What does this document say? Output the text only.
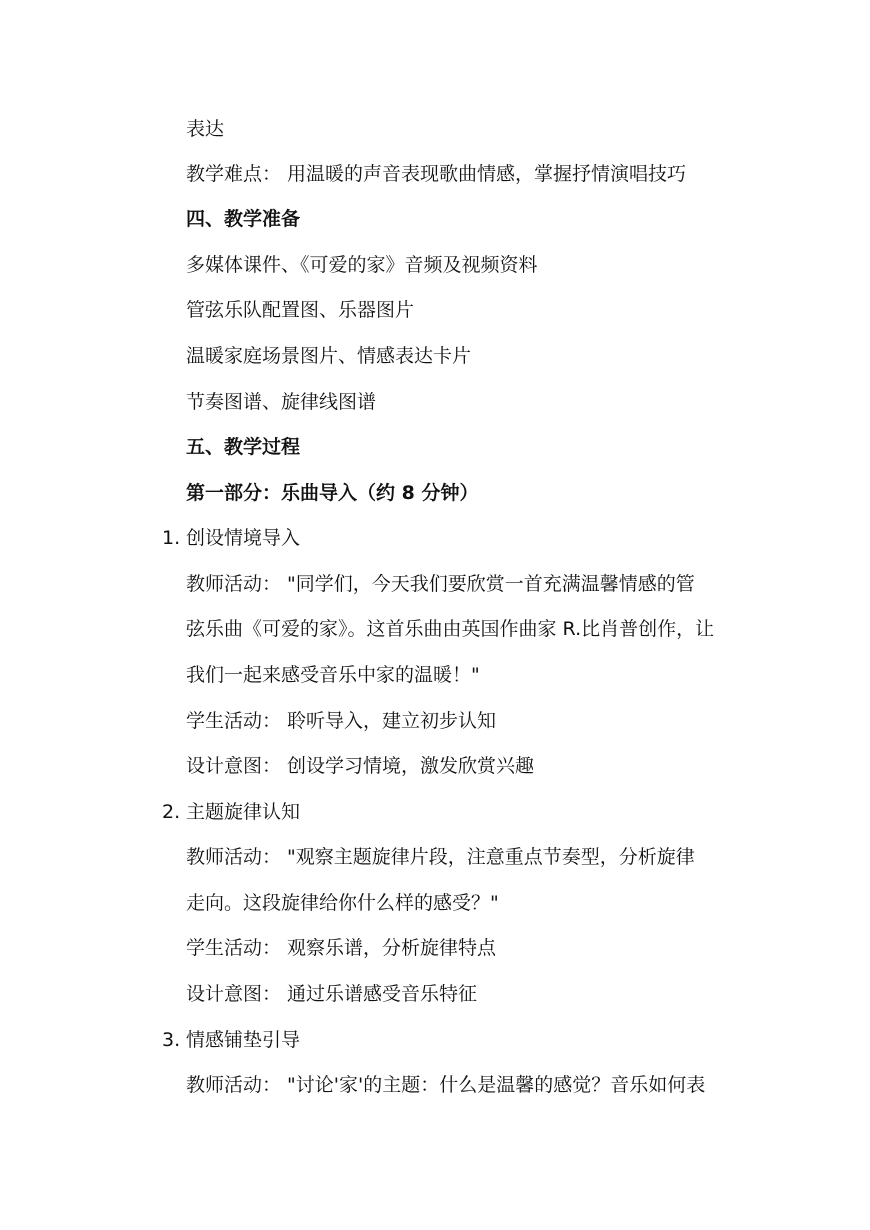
表达
教学难点： 用温暖的声音表现歌曲情感，掌握抒情演唱技巧
四、教学准备
多媒体课件、《可爱的家》音频及视频资料
管弦乐队配置图、乐器图片
温暖家庭场景图片、情感表达卡片
节奏图谱、旋律线图谱
五、教学过程
第一部分：乐曲导入（约 8 分钟）
1. 创设情境导入
教师活动： "同学们，今天我们要欣赏一首充满温馨情感的管
弦乐曲《可爱的家》。这首乐曲由英国作曲家 R.比肖普创作，让
我们一起来感受音乐中家的温暖！"
学生活动： 聆听导入，建立初步认知
设计意图： 创设学习情境，激发欣赏兴趣
2. 主题旋律认知
教师活动： "观察主题旋律片段，注意重点节奏型，分析旋律
走向。这段旋律给你什么样的感受？"
学生活动： 观察乐谱，分析旋律特点
设计意图： 通过乐谱感受音乐特征
3. 情感铺垫引导
教师活动： "讨论'家'的主题：什么是温馨的感觉？音乐如何表
